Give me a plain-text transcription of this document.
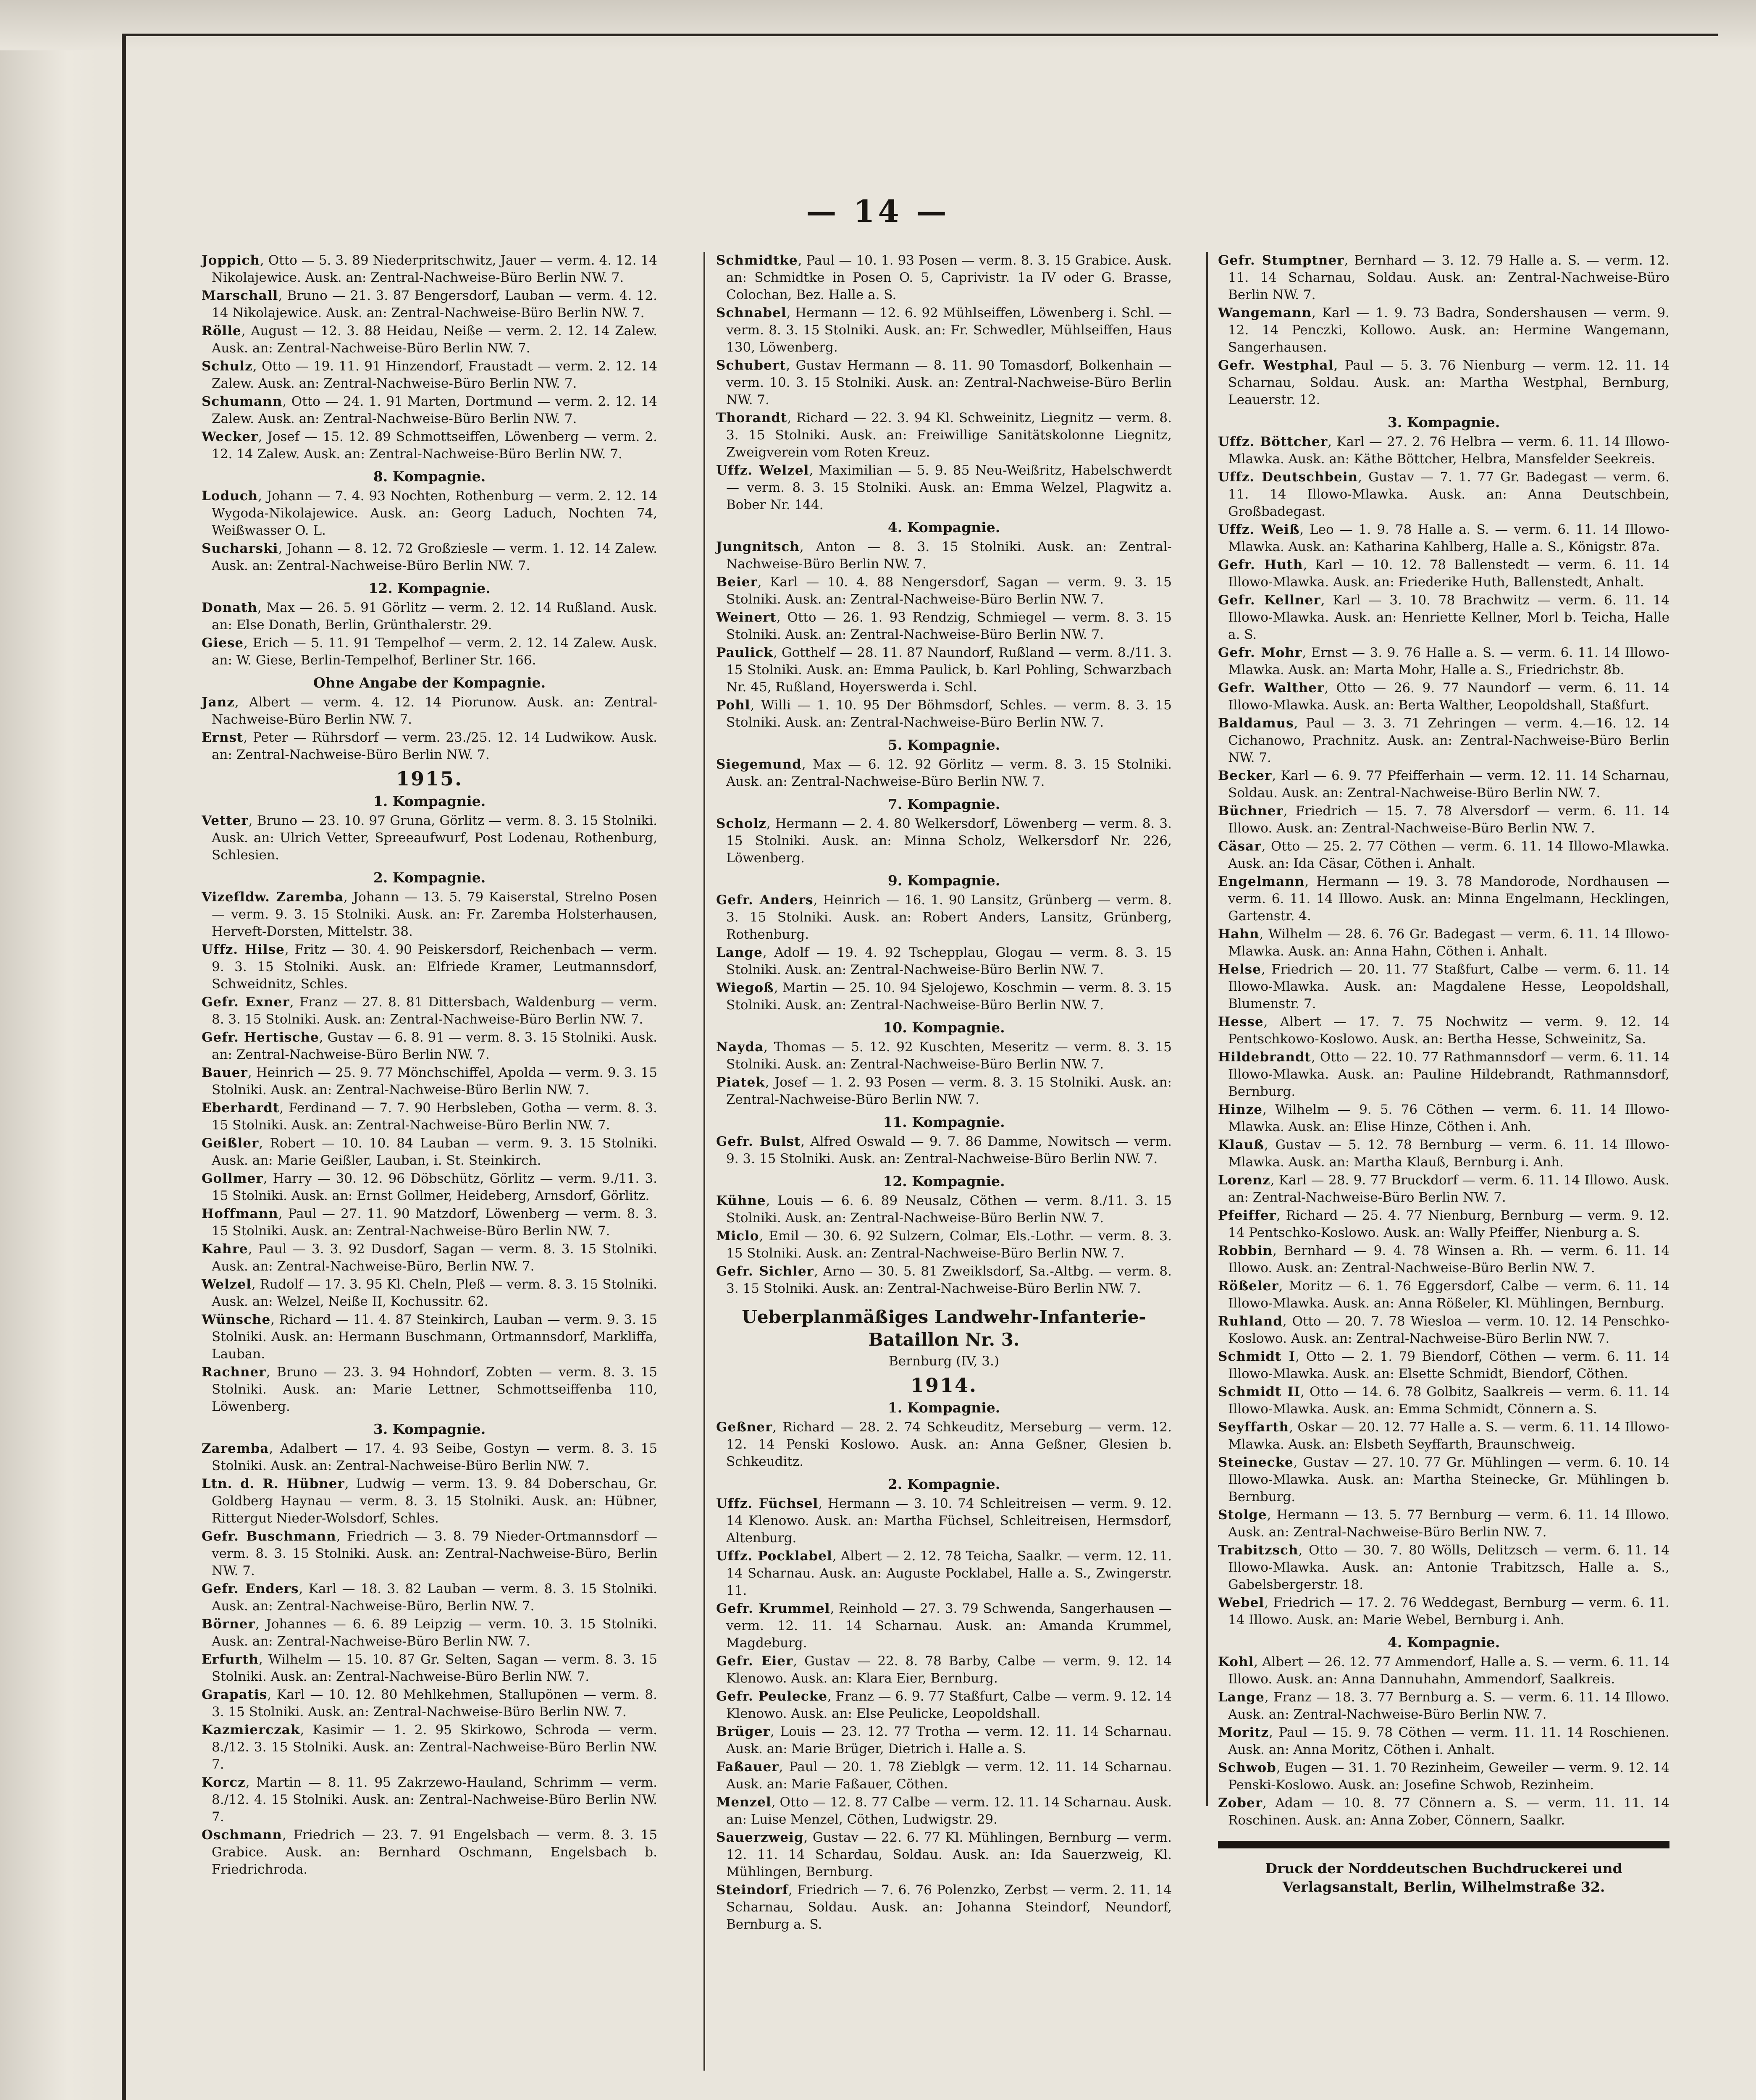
— 14 —

Joppich, Otto — 5. 3. 89 Niederpritschwitz, Jauer — verm. 4. 12. 14 Nikolajewice. Ausk. an: Zentral-Nachweise-Büro Berlin NW. 7.

Marschall, Bruno — 21. 3. 87 Bengersdorf, Lauban — verm. 4. 12. 14 Nikolajewice. Ausk. an: Zentral-Nachweise-Büro Berlin NW. 7.

Rölle, August — 12. 3. 88 Heidau, Neiße — verm. 2. 12. 14 Zalew. Ausk. an: Zentral-Nachweise-Büro Berlin NW. 7.

Schulz, Otto — 19. 11. 91 Hinzendorf, Fraustadt — verm. 2. 12. 14 Zalew. Ausk. an: Zentral-Nachweise-Büro Berlin NW. 7.

Schumann, Otto — 24. 1. 91 Marten, Dortmund — verm. 2. 12. 14 Zalew. Ausk. an: Zentral-Nachweise-Büro Berlin NW. 7.

Wecker, Josef — 15. 12. 89 Schmottseiffen, Löwenberg — verm. 2. 12. 14 Zalew. Ausk. an: Zentral-Nachweise-Büro Berlin NW. 7.

8. Kompagnie.

Loduch, Johann — 7. 4. 93 Nochten, Rothenburg — verm. 2. 12. 14 Wygoda-Nikolajewice. Ausk. an: Georg Laduch, Nochten 74, Weißwasser O. L.

Sucharski, Johann — 8. 12. 72 Großziesle — verm. 1. 12. 14 Zalew. Ausk. an: Zentral-Nachweise-Büro Berlin NW. 7.

12. Kompagnie.

Donath, Max — 26. 5. 91 Görlitz — verm. 2. 12. 14 Rußland. Ausk. an: Else Donath, Berlin, Grünthalerstr. 29.

Giese, Erich — 5. 11. 91 Tempelhof — verm. 2. 12. 14 Zalew. Ausk. an: W. Giese, Berlin-Tempelhof, Berliner Str. 166.

Ohne Angabe der Kompagnie.

Janz, Albert — verm. 4. 12. 14 Piorunow. Ausk. an: Zentral-Nachweise-Büro Berlin NW. 7.

Ernst, Peter — Rührsdorf — verm. 23./25. 12. 14 Ludwikow. Ausk. an: Zentral-Nachweise-Büro Berlin NW. 7.

1915.
1. Kompagnie.

Vetter, Bruno — 23. 10. 97 Gruna, Görlitz — verm. 8. 3. 15 Stolniki. Ausk. an: Ulrich Vetter, Spreeaufwurf, Post Lodenau, Rothenburg, Schlesien.

2. Kompagnie.

Vizefldw. Zaremba, Johann — 13. 5. 79 Kaiserstal, Strelno Posen — verm. 9. 3. 15 Stolniki. Ausk. an: Fr. Zaremba Holsterhausen, Herveft-Dorsten, Mittelstr. 38.

Uffz. Hilse, Fritz — 30. 4. 90 Peiskersdorf, Reichenbach — verm. 9. 3. 15 Stolniki. Ausk. an: Elfriede Kramer, Leutmannsdorf, Schweidnitz, Schles.

Gefr. Exner, Franz — 27. 8. 81 Dittersbach, Waldenburg — verm. 8. 3. 15 Stolniki. Ausk. an: Zentral-Nachweise-Büro Berlin NW. 7.

Gefr. Hertische, Gustav — 6. 8. 91 — verm. 8. 3. 15 Stolniki. Ausk. an: Zentral-Nachweise-Büro Berlin NW. 7.

Bauer, Heinrich — 25. 9. 77 Mönchschiffel, Apolda — verm. 9. 3. 15 Stolniki. Ausk. an: Zentral-Nachweise-Büro Berlin NW. 7.

Eberhardt, Ferdinand — 7. 7. 90 Herbsleben, Gotha — verm. 8. 3. 15 Stolniki. Ausk. an: Zentral-Nachweise-Büro Berlin NW. 7.

Geißler, Robert — 10. 10. 84 Lauban — verm. 9. 3. 15 Stolniki. Ausk. an: Marie Geißler, Lauban, i. St. Steinkirch.

Gollmer, Harry — 30. 12. 96 Döbschütz, Görlitz — verm. 9./11. 3. 15 Stolniki. Ausk. an: Ernst Gollmer, Heideberg, Arnsdorf, Görlitz.

Hoffmann, Paul — 27. 11. 90 Matzdorf, Löwenberg — verm. 8. 3. 15 Stolniki. Ausk. an: Zentral-Nachweise-Büro Berlin NW. 7.

Kahre, Paul — 3. 3. 92 Dusdorf, Sagan — verm. 8. 3. 15 Stolniki. Ausk. an: Zentral-Nachweise-Büro, Berlin NW. 7.

Welzel, Rudolf — 17. 3. 95 Kl. Cheln, Pleß — verm. 8. 3. 15 Stolniki. Ausk. an: Welzel, Neiße II, Kochussitr. 62.

Wünsche, Richard — 11. 4. 87 Steinkirch, Lauban — verm. 9. 3. 15 Stolniki. Ausk. an: Hermann Buschmann, Ortmannsdorf, Markliffa, Lauban.

Rachner, Bruno — 23. 3. 94 Hohndorf, Zobten — verm. 8. 3. 15 Stolniki. Ausk. an: Marie Lettner, Schmottseiffenba 110, Löwenberg.

3. Kompagnie.

Zaremba, Adalbert — 17. 4. 93 Seibe, Gostyn — verm. 8. 3. 15 Stolniki. Ausk. an: Zentral-Nachweise-Büro Berlin NW. 7.

Ltn. d. R. Hübner, Ludwig — verm. 13. 9. 84 Doberschau, Gr. Goldberg Haynau — verm. 8. 3. 15 Stolniki. Ausk. an: Hübner, Rittergut Nieder-Wolsdorf, Schles.

Gefr. Buschmann, Friedrich — 3. 8. 79 Nieder-Ortmannsdorf — verm. 8. 3. 15 Stolniki. Ausk. an: Zentral-Nachweise-Büro, Berlin NW. 7.

Gefr. Enders, Karl — 18. 3. 82 Lauban — verm. 8. 3. 15 Stolniki. Ausk. an: Zentral-Nachweise-Büro, Berlin NW. 7.

Börner, Johannes — 6. 6. 89 Leipzig — verm. 10. 3. 15 Stolniki. Ausk. an: Zentral-Nachweise-Büro Berlin NW. 7.

Erfurth, Wilhelm — 15. 10. 87 Gr. Selten, Sagan — verm. 8. 3. 15 Stolniki. Ausk. an: Zentral-Nachweise-Büro Berlin NW. 7.

Grapatis, Karl — 10. 12. 80 Mehlkehmen, Stallupönen — verm. 8. 3. 15 Stolniki. Ausk. an: Zentral-Nachweise-Büro Berlin NW. 7.

Kazmierczak, Kasimir — 1. 2. 95 Skirkowo, Schroda — verm. 8./12. 3. 15 Stolniki. Ausk. an: Zentral-Nachweise-Büro Berlin NW. 7.

Korcz, Martin — 8. 11. 95 Zakrzewo-Hauland, Schrimm — verm. 8./12. 4. 15 Stolniki. Ausk. an: Zentral-Nachweise-Büro Berlin NW. 7.

Oschmann, Friedrich — 23. 7. 91 Engelsbach — verm. 8. 3. 15 Grabice. Ausk. an: Bernhard Oschmann, Engelsbach b. Friedrichroda.

Schmidtke, Paul — 10. 1. 93 Posen — verm. 8. 3. 15 Grabice. Ausk. an: Schmidtke in Posen O. 5, Caprivistr. 1a IV oder G. Brasse, Colochan, Bez. Halle a. S.

Schnabel, Hermann — 12. 6. 92 Mühlseiffen, Löwenberg i. Schl. — verm. 8. 3. 15 Stolniki. Ausk. an: Fr. Schwedler, Mühlseiffen, Haus 130, Löwenberg.

Schubert, Gustav Hermann — 8. 11. 90 Tomasdorf, Bolkenhain — verm. 10. 3. 15 Stolniki. Ausk. an: Zentral-Nachweise-Büro Berlin NW. 7.

Thorandt, Richard — 22. 3. 94 Kl. Schweinitz, Liegnitz — verm. 8. 3. 15 Stolniki. Ausk. an: Freiwillige Sanitätskolonne Liegnitz, Zweigverein vom Roten Kreuz.

Uffz. Welzel, Maximilian — 5. 9. 85 Neu-Weißritz, Habelschwerdt — verm. 8. 3. 15 Stolniki. Ausk. an: Emma Welzel, Plagwitz a. Bober Nr. 144.

4. Kompagnie.

Jungnitsch, Anton — 8. 3. 15 Stolniki. Ausk. an: Zentral-Nachweise-Büro Berlin NW. 7.

Beier, Karl — 10. 4. 88 Nengersdorf, Sagan — verm. 9. 3. 15 Stolniki. Ausk. an: Zentral-Nachweise-Büro Berlin NW. 7.

Weinert, Otto — 26. 1. 93 Rendzig, Schmiegel — verm. 8. 3. 15 Stolniki. Ausk. an: Zentral-Nachweise-Büro Berlin NW. 7.

Paulick, Gotthelf — 28. 11. 87 Naundorf, Rußland — verm. 8./11. 3. 15 Stolniki. Ausk. an: Emma Paulick, b. Karl Pohling, Schwarzbach Nr. 45, Rußland, Hoyerswerda i. Schl.

Pohl, Willi — 1. 10. 95 Der Böhmsdorf, Schles. — verm. 8. 3. 15 Stolniki. Ausk. an: Zentral-Nachweise-Büro Berlin NW. 7.

5. Kompagnie.

Siegemund, Max — 6. 12. 92 Görlitz — verm. 8. 3. 15 Stolniki. Ausk. an: Zentral-Nachweise-Büro Berlin NW. 7.

7. Kompagnie.

Scholz, Hermann — 2. 4. 80 Welkersdorf, Löwenberg — verm. 8. 3. 15 Stolniki. Ausk. an: Minna Scholz, Welkersdorf Nr. 226, Löwenberg.

9. Kompagnie.

Gefr. Anders, Heinrich — 16. 1. 90 Lansitz, Grünberg — verm. 8. 3. 15 Stolniki. Ausk. an: Robert Anders, Lansitz, Grünberg, Rothenburg.

Lange, Adolf — 19. 4. 92 Tschepplau, Glogau — verm. 8. 3. 15 Stolniki. Ausk. an: Zentral-Nachweise-Büro Berlin NW. 7.

Wiegoß, Martin — 25. 10. 94 Sjelojewo, Koschmin — verm. 8. 3. 15 Stolniki. Ausk. an: Zentral-Nachweise-Büro Berlin NW. 7.

10. Kompagnie.

Nayda, Thomas — 5. 12. 92 Kuschten, Meseritz — verm. 8. 3. 15 Stolniki. Ausk. an: Zentral-Nachweise-Büro Berlin NW. 7.

Piatek, Josef — 1. 2. 93 Posen — verm. 8. 3. 15 Stolniki. Ausk. an: Zentral-Nachweise-Büro Berlin NW. 7.

11. Kompagnie.

Gefr. Bulst, Alfred Oswald — 9. 7. 86 Damme, Nowitsch — verm. 9. 3. 15 Stolniki. Ausk. an: Zentral-Nachweise-Büro Berlin NW. 7.

12. Kompagnie.

Kühne, Louis — 6. 6. 89 Neusalz, Cöthen — verm. 8./11. 3. 15 Stolniki. Ausk. an: Zentral-Nachweise-Büro Berlin NW. 7.

Miclo, Emil — 30. 6. 92 Sulzern, Colmar, Els.-Lothr. — verm. 8. 3. 15 Stolniki. Ausk. an: Zentral-Nachweise-Büro Berlin NW. 7.

Gefr. Sichler, Arno — 30. 5. 81 Zweiklsdorf, Sa.-Altbg. — verm. 8. 3. 15 Stolniki. Ausk. an: Zentral-Nachweise-Büro Berlin NW. 7.

Ueberplanmäßiges Landwehr-Infanterie-Bataillon Nr. 3.
Bernburg (IV, 3.)
1914.
1. Kompagnie.

Geßner, Richard — 28. 2. 74 Schkeuditz, Merseburg — verm. 12. 12. 14 Penski Koslowo. Ausk. an: Anna Geßner, Glesien b. Schkeuditz.

2. Kompagnie.

Uffz. Füchsel, Hermann — 3. 10. 74 Schleitreisen — verm. 9. 12. 14 Klenowo. Ausk. an: Martha Füchsel, Schleitreisen, Hermsdorf, Altenburg.

Uffz. Pocklabel, Albert — 2. 12. 78 Teicha, Saalkr. — verm. 12. 11. 14 Scharnau. Ausk. an: Auguste Pocklabel, Halle a. S., Zwingerstr. 11.

Gefr. Krummel, Reinhold — 27. 3. 79 Schwenda, Sangerhausen — verm. 12. 11. 14 Scharnau. Ausk. an: Amanda Krummel, Magdeburg.

Gefr. Eier, Gustav — 22. 8. 78 Barby, Calbe — verm. 9. 12. 14 Klenowo. Ausk. an: Klara Eier, Bernburg.

Gefr. Peulecke, Franz — 6. 9. 77 Staßfurt, Calbe — verm. 9. 12. 14 Klenowo. Ausk. an: Else Peulicke, Leopoldshall.

Brüger, Louis — 23. 12. 77 Trotha — verm. 12. 11. 14 Scharnau. Ausk. an: Marie Brüger, Dietrich i. Halle a. S.

Faßauer, Paul — 20. 1. 78 Zieblgk — verm. 12. 11. 14 Scharnau. Ausk. an: Marie Faßauer, Cöthen.

Menzel, Otto — 12. 8. 77 Calbe — verm. 12. 11. 14 Scharnau. Ausk. an: Luise Menzel, Cöthen, Ludwigstr. 29.

Sauerzweig, Gustav — 22. 6. 77 Kl. Mühlingen, Bernburg — verm. 12. 11. 14 Schardau, Soldau. Ausk. an: Ida Sauerzweig, Kl. Mühlingen, Bernburg.

Steindorf, Friedrich — 7. 6. 76 Polenzko, Zerbst — verm. 2. 11. 14 Scharnau, Soldau. Ausk. an: Johanna Steindorf, Neundorf, Bernburg a. S.

Gefr. Stumptner, Bernhard — 3. 12. 79 Halle a. S. — verm. 12. 11. 14 Scharnau, Soldau. Ausk. an: Zentral-Nachweise-Büro Berlin NW. 7.

Wangemann, Karl — 1. 9. 73 Badra, Sondershausen — verm. 9. 12. 14 Penczki, Kollowo. Ausk. an: Hermine Wangemann, Sangerhausen.

Gefr. Westphal, Paul — 5. 3. 76 Nienburg — verm. 12. 11. 14 Scharnau, Soldau. Ausk. an: Martha Westphal, Bernburg, Leauerstr. 12.

3. Kompagnie.

Uffz. Böttcher, Karl — 27. 2. 76 Helbra — verm. 6. 11. 14 Illowo-Mlawka. Ausk. an: Käthe Böttcher, Helbra, Mansfelder Seekreis.

Uffz. Deutschbein, Gustav — 7. 1. 77 Gr. Badegast — verm. 6. 11. 14 Illowo-Mlawka. Ausk. an: Anna Deutschbein, Großbadegast.

Uffz. Weiß, Leo — 1. 9. 78 Halle a. S. — verm. 6. 11. 14 Illowo-Mlawka. Ausk. an: Katharina Kahlberg, Halle a. S., Königstr. 87a.

Gefr. Huth, Karl — 10. 12. 78 Ballenstedt — verm. 6. 11. 14 Illowo-Mlawka. Ausk. an: Friederike Huth, Ballenstedt, Anhalt.

Gefr. Kellner, Karl — 3. 10. 78 Brachwitz — verm. 6. 11. 14 Illowo-Mlawka. Ausk. an: Henriette Kellner, Morl b. Teicha, Halle a. S.

Gefr. Mohr, Ernst — 3. 9. 76 Halle a. S. — verm. 6. 11. 14 Illowo-Mlawka. Ausk. an: Marta Mohr, Halle a. S., Friedrichstr. 8b.

Gefr. Walther, Otto — 26. 9. 77 Naundorf — verm. 6. 11. 14 Illowo-Mlawka. Ausk. an: Berta Walther, Leopoldshall, Staßfurt.

Baldamus, Paul — 3. 3. 71 Zehringen — verm. 4.—16. 12. 14 Cichanowo, Prachnitz. Ausk. an: Zentral-Nachweise-Büro Berlin NW. 7.

Becker, Karl — 6. 9. 77 Pfeifferhain — verm. 12. 11. 14 Scharnau, Soldau. Ausk. an: Zentral-Nachweise-Büro Berlin NW. 7.

Büchner, Friedrich — 15. 7. 78 Alversdorf — verm. 6. 11. 14 Illowo. Ausk. an: Zentral-Nachweise-Büro Berlin NW. 7.

Cäsar, Otto — 25. 2. 77 Cöthen — verm. 6. 11. 14 Illowo-Mlawka. Ausk. an: Ida Cäsar, Cöthen i. Anhalt.

Engelmann, Hermann — 19. 3. 78 Mandorode, Nordhausen — verm. 6. 11. 14 Illowo. Ausk. an: Minna Engelmann, Hecklingen, Gartenstr. 4.

Hahn, Wilhelm — 28. 6. 76 Gr. Badegast — verm. 6. 11. 14 Illowo-Mlawka. Ausk. an: Anna Hahn, Cöthen i. Anhalt.

Helse, Friedrich — 20. 11. 77 Staßfurt, Calbe — verm. 6. 11. 14 Illowo-Mlawka. Ausk. an: Magdalene Hesse, Leopoldshall, Blumenstr. 7.

Hesse, Albert — 17. 7. 75 Nochwitz — verm. 9. 12. 14 Pentschkowo-Koslowo. Ausk. an: Bertha Hesse, Schweinitz, Sa.

Hildebrandt, Otto — 22. 10. 77 Rathmannsdorf — verm. 6. 11. 14 Illowo-Mlawka. Ausk. an: Pauline Hildebrandt, Rathmannsdorf, Bernburg.

Hinze, Wilhelm — 9. 5. 76 Cöthen — verm. 6. 11. 14 Illowo-Mlawka. Ausk. an: Elise Hinze, Cöthen i. Anh.

Klauß, Gustav — 5. 12. 78 Bernburg — verm. 6. 11. 14 Illowo-Mlawka. Ausk. an: Martha Klauß, Bernburg i. Anh.

Lorenz, Karl — 28. 9. 77 Bruckdorf — verm. 6. 11. 14 Illowo. Ausk. an: Zentral-Nachweise-Büro Berlin NW. 7.

Pfeiffer, Richard — 25. 4. 77 Nienburg, Bernburg — verm. 9. 12. 14 Pentschko-Koslowo. Ausk. an: Wally Pfeiffer, Nienburg a. S.

Robbin, Bernhard — 9. 4. 78 Winsen a. Rh. — verm. 6. 11. 14 Illowo. Ausk. an: Zentral-Nachweise-Büro Berlin NW. 7.

Rößeler, Moritz — 6. 1. 76 Eggersdorf, Calbe — verm. 6. 11. 14 Illowo-Mlawka. Ausk. an: Anna Rößeler, Kl. Mühlingen, Bernburg.

Ruhland, Otto — 20. 7. 78 Wiesloa — verm. 10. 12. 14 Penschko-Koslowo. Ausk. an: Zentral-Nachweise-Büro Berlin NW. 7.

Schmidt I, Otto — 2. 1. 79 Biendorf, Cöthen — verm. 6. 11. 14 Illowo-Mlawka. Ausk. an: Elsette Schmidt, Biendorf, Cöthen.

Schmidt II, Otto — 14. 6. 78 Golbitz, Saalkreis — verm. 6. 11. 14 Illowo-Mlawka. Ausk. an: Emma Schmidt, Cönnern a. S.

Seyffarth, Oskar — 20. 12. 77 Halle a. S. — verm. 6. 11. 14 Illowo-Mlawka. Ausk. an: Elsbeth Seyffarth, Braunschweig.

Steinecke, Gustav — 27. 10. 77 Gr. Mühlingen — verm. 6. 10. 14 Illowo-Mlawka. Ausk. an: Martha Steinecke, Gr. Mühlingen b. Bernburg.

Stolge, Hermann — 13. 5. 77 Bernburg — verm. 6. 11. 14 Illowo. Ausk. an: Zentral-Nachweise-Büro Berlin NW. 7.

Trabitzsch, Otto — 30. 7. 80 Wölls, Delitzsch — verm. 6. 11. 14 Illowo-Mlawka. Ausk. an: Antonie Trabitzsch, Halle a. S., Gabelsbergerstr. 18.

Webel, Friedrich — 17. 2. 76 Weddegast, Bernburg — verm. 6. 11. 14 Illowo. Ausk. an: Marie Webel, Bernburg i. Anh.

4. Kompagnie.

Kohl, Albert — 26. 12. 77 Ammendorf, Halle a. S. — verm. 6. 11. 14 Illowo. Ausk. an: Anna Dannuhahn, Ammendorf, Saalkreis.

Lange, Franz — 18. 3. 77 Bernburg a. S. — verm. 6. 11. 14 Illowo. Ausk. an: Zentral-Nachweise-Büro Berlin NW. 7.

Moritz, Paul — 15. 9. 78 Cöthen — verm. 11. 11. 14 Roschienen. Ausk. an: Anna Moritz, Cöthen i. Anhalt.

Schwob, Eugen — 31. 1. 70 Rezinheim, Geweiler — verm. 9. 12. 14 Penski-Koslowo. Ausk. an: Josefine Schwob, Rezinheim.

Zober, Adam — 10. 8. 77 Cönnern a. S. — verm. 11. 11. 14 Roschinen. Ausk. an: Anna Zober, Cönnern, Saalkr.

Druck der Norddeutschen Buchdruckerei und Verlagsanstalt, Berlin, Wilhelmstraße 32.
